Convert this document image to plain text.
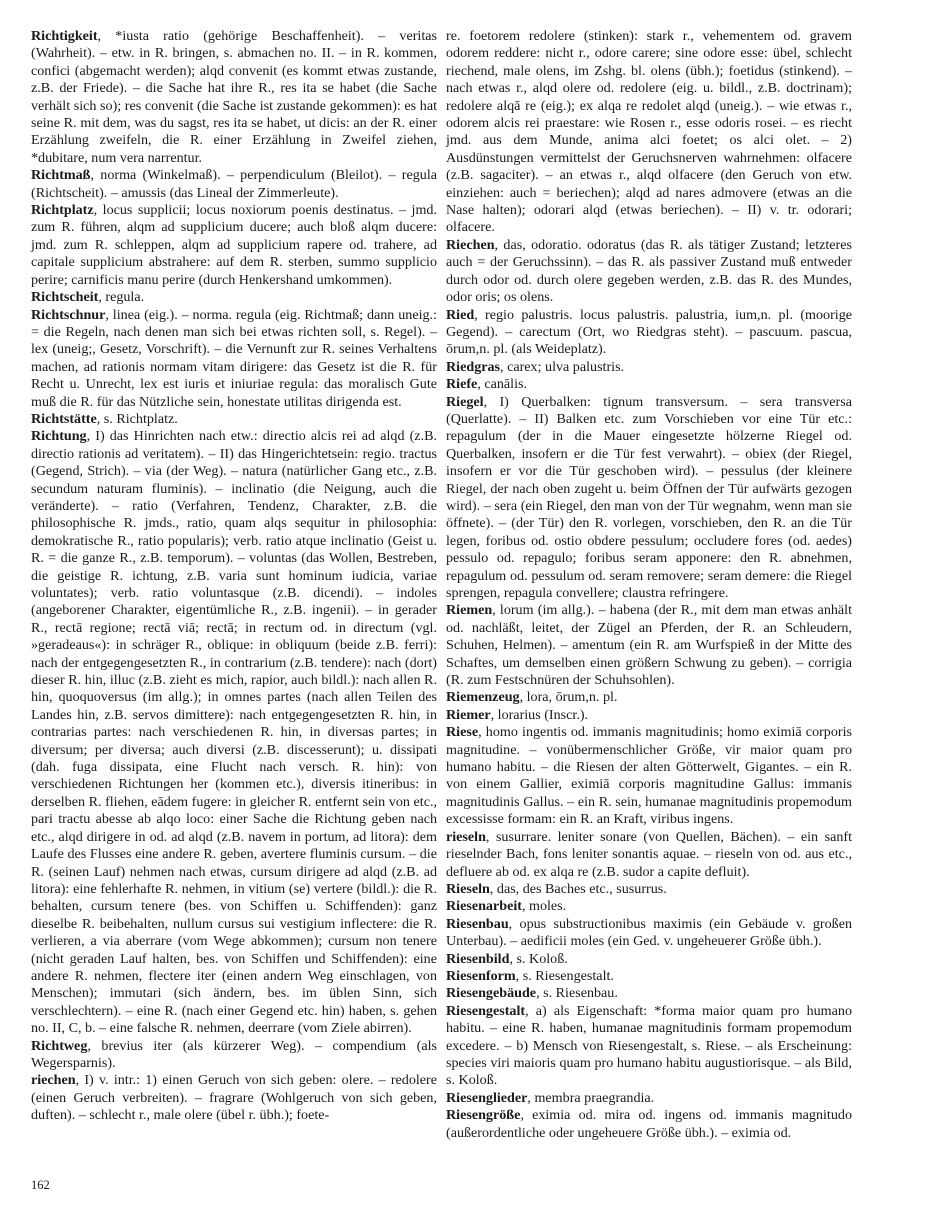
Richtigkeit, *iusta ratio (gehörige Beschaffenheit). – veritas (Wahrheit). – etw. in R. bringen, s. abmachen no. II. – in R. kommen, confici (abgemacht werden); alqd convenit (es kommt etwas zustande, z.B. der Friede). – die Sache hat ihre R., res ita se habet (die Sache verhält sich so); res convenit (die Sache ist zustande gekommen): es hat seine R. mit dem, was du sagst, res ita se habet, ut dicis: an der R. einer Erzählung zweifeln, die R. einer Erzählung in Zweifel ziehen, *dubitare, num vera narrentur.

Richtmaß, norma (Winkelmaß). – perpendiculum (Bleilot). – regula (Richtscheit). – amussis (das Lineal der Zimmerleute).

Richtplatz, locus supplicii; locus noxiorum poenis destinatus. – jmd. zum R. führen, alqm ad supplicium ducere; auch bloß alqm ducere: jmd. zum R. schleppen, alqm ad supplicium rapere od. trahere, ad capitale supplicium abstrahere: auf dem R. sterben, summo supplicio perire; carnificis manu perire (durch Henkershand umkommen).

Richtscheit, regula.

Richtschnur, linea (eig.). – norma. regula (eig. Richtmaß; dann uneig.: = die Regeln, nach denen man sich bei etwas richten soll, s. Regel). – lex (uneig;, Gesetz, Vorschrift). – die Vernunft zur R. seines Verhaltens machen, ad rationis normam vitam dirigere: das Gesetz ist die R. für Recht u. Unrecht, lex est iuris et iniuriae regula: das moralisch Gute muß die R. für das Nützliche sein, honestate utilitas dirigenda est.

Richtstätte, s. Richtplatz.

Richtung, I) das Hinrichten nach etw.: directio alcis rei ad alqd (z.B. directio rationis ad veritatem). – II) das Hingerichtetsein: regio. tractus (Gegend, Strich). – via (der Weg). – natura (natürlicher Gang etc., z.B. secundum naturam fluminis). – inclinatio (die Neigung, auch die veränderte). – ratio (Verfahren, Tendenz, Charakter, z.B. die philosophische R. jmds., ratio, quam alqs sequitur in philosophia: demokratische R., ratio popularis); verb. ratio atque inclinatio (Geist u. R. = die ganze R., z.B. temporum). – voluntas (das Wollen, Bestreben, die geistige R. ichtung, z.B. varia sunt hominum iudicia, variae voluntates); verb. ratio voluntasque (z.B. dicendi). – indoles (angeborener Charakter, eigentümliche R., z.B. ingenii). – in gerader R., rectā regione; rectā viā; rectā; in rectum od. in directum (vgl. »geradeaus«): in schräger R., oblique: in obliquum (beide z.B. ferri): nach der entgegengesetzten R., in contrarium (z.B. tendere): nach (dort) dieser R. hin, illuc (z.B. zieht es mich, rapior, auch bildl.): nach allen R. hin, quoquoversus (im allg.); in omnes partes (nach allen Teilen des Landes hin, z.B. servos dimittere): nach entgegengesetzten R. hin, in contrarias partes: nach verschiedenen R. hin, in diversas partes; in diversum; per diversa; auch diversi (z.B. discesserunt); u. dissipati (dah. fuga dissipata, eine Flucht nach versch. R. hin): von verschiedenen Richtungen her (kommen etc.), diversis itineribus: in derselben R. fliehen, eādem fugere: in gleicher R. entfernt sein von etc., pari tractu abesse ab alqo loco: einer Sache die Richtung geben nach etc., alqd dirigere in od. ad alqd (z.B. navem in portum, ad litora): dem Laufe des Flusses eine andere R. geben, avertere fluminis cursum. – die R. (seinen Lauf) nehmen nach etwas, cursum dirigere ad alqd (z.B. ad litora): eine fehlerhafte R. nehmen, in vitium (se) vertere (bildl.): die R. behalten, cursum tenere (bes. von Schiffen u. Schiffenden): ganz dieselbe R. beibehalten, nullum cursus sui vestigium inflectere: die R. verlieren, a via aberrare (vom Wege abkommen); cursum non tenere (nicht geraden Lauf halten, bes. von Schiffen und Schiffenden): eine andere R. nehmen, flectere iter (einen andern Weg einschlagen, von Menschen); immutari (sich ändern, bes. im üblen Sinn, sich verschlechtern). – eine R. (nach einer Gegend etc. hin) haben, s. gehen no. II, C, b. – eine falsche R. nehmen, deerrare (vom Ziele abirren).

Richtweg, brevius iter (als kürzerer Weg). – compendium (als Wegersparnis).

riechen, I) v. intr.: 1) einen Geruch von sich geben: olere. – redolere (einen Geruch verbreiten). – fragrare (Wohlgeruch von sich geben, duften). – schlecht r., male olere (übel r. übh.); foete-

re. foetorem redolere (stinken): stark r., vehementem od. gravem odorem reddere: nicht r., odore carere; sine odore esse: übel, schlecht riechend, male olens, im Zshg. bl. olens (übh.); foetidus (stinkend). – nach etwas r., alqd olere od. redolere (eig. u. bildl., z.B. doctrinam); redolere alqā re (eig.); ex alqa re redolet alqd (uneig.). – wie etwas r., odorem alcis rei praestare: wie Rosen r., esse odoris rosei. – es riecht jmd. aus dem Munde, anima alci foetet; os alci olet. – 2) Ausdünstungen vermittelst der Geruchsnerven wahrnehmen: olfacere (z.B. sagaciter). – an etwas r., alqd olfacere (den Geruch von etw. einziehen: auch = beriechen); alqd ad nares admovere (etwas an die Nase halten); odorari alqd (etwas beriechen). – II) v. tr. odorari; olfacere.

Riechen, das, odoratio. odoratus (das R. als tätiger Zustand; letzteres auch = der Geruchssinn). – das R. als passiver Zustand muß entweder durch odor od. durch olere gegeben werden, z.B. das R. des Mundes, odor oris; os olens.

Ried, regio palustris. locus palustris. palustria, ium,n. pl. (moorige Gegend). – carectum (Ort, wo Riedgras steht). – pascuum. pascua, ōrum,n. pl. (als Weideplatz).

Riedgras, carex; ulva palustris.

Riefe, canālis.

Riegel, I) Querbalken: tignum transversum. – sera transversa (Querlatte). – II) Balken etc. zum Vorschieben vor eine Tür etc.: repagulum (der in die Mauer eingesetzte hölzerne Riegel od. Querbalken, insofern er die Tür fest verwahrt). – obiex (der Riegel, insofern er vor die Tür geschoben wird). – pessulus (der kleinere Riegel, der nach oben zugeht u. beim Öffnen der Tür aufwärts gezogen wird). – sera (ein Riegel, den man von der Tür wegnahm, wenn man sie öffnete). – (der Tür) den R. vorlegen, vorschieben, den R. an die Tür legen, foribus od. ostio obdere pessulum; occludere fores (od. aedes) pessulo od. repagulo; foribus seram apponere: den R. abnehmen, repagulum od. pessulum od. seram removere; seram demere: die Riegel sprengen, repagula convellere; claustra refringere.

Riemen, lorum (im allg.). – habena (der R., mit dem man etwas anhält od. nachläßt, leitet, der Zügel an Pferden, der R. an Schleudern, Schuhen, Helmen). – amentum (ein R. am Wurfspieß in der Mitte des Schaftes, um demselben einen größern Schwung zu geben). – corrigia (R. zum Festschnüren der Schuhsohlen).

Riemenzeug, lora, ōrum,n. pl.

Riemer, lorarius (Inscr.).

Riese, homo ingentis od. immanis magnitudinis; homo eximiā corporis magnitudine. – vonübermenschlicher Größe, vir maior quam pro humano habitu. – die Riesen der alten Götterwelt, Gigantes. – ein R. von einem Gallier, eximiā corporis magnitudine Gallus: immanis magnitudinis Gallus. – ein R. sein, humanae magnitudinis propemodum excessisse formam: ein R. an Kraft, viribus ingens.

rieseln, susurrare. leniter sonare (von Quellen, Bächen). – ein sanft rieselnder Bach, fons leniter sonantis aquae. – rieseln von od. aus etc., defluere ab od. ex alqa re (z.B. sudor a capite defluit).

Rieseln, das, des Baches etc., susurrus.

Riesenarbeit, moles.

Riesenbau, opus substructionibus maximis (ein Gebäude v. großen Unterbau). – aedificii moles (ein Ged. v. ungeheuerer Größe übh.).

Riesenbild, s. Koloß.

Riesenform, s. Riesengestalt.

Riesengebäude, s. Riesenbau.

Riesengestalt, a) als Eigenschaft: *forma maior quam pro humano habitu. – eine R. haben, humanae magnitudinis formam propemodum excedere. – b) Mensch von Riesengestalt, s. Riese. – als Erscheinung: species viri maioris quam pro humano habitu augustiorisque. – als Bild, s. Koloß.

Riesenglieder, membra praegrandia.

Riesengröße, eximia od. mira od. ingens od. immanis magnitudo (außerordentliche oder ungeheuere Größe übh.). – eximia od.

162
